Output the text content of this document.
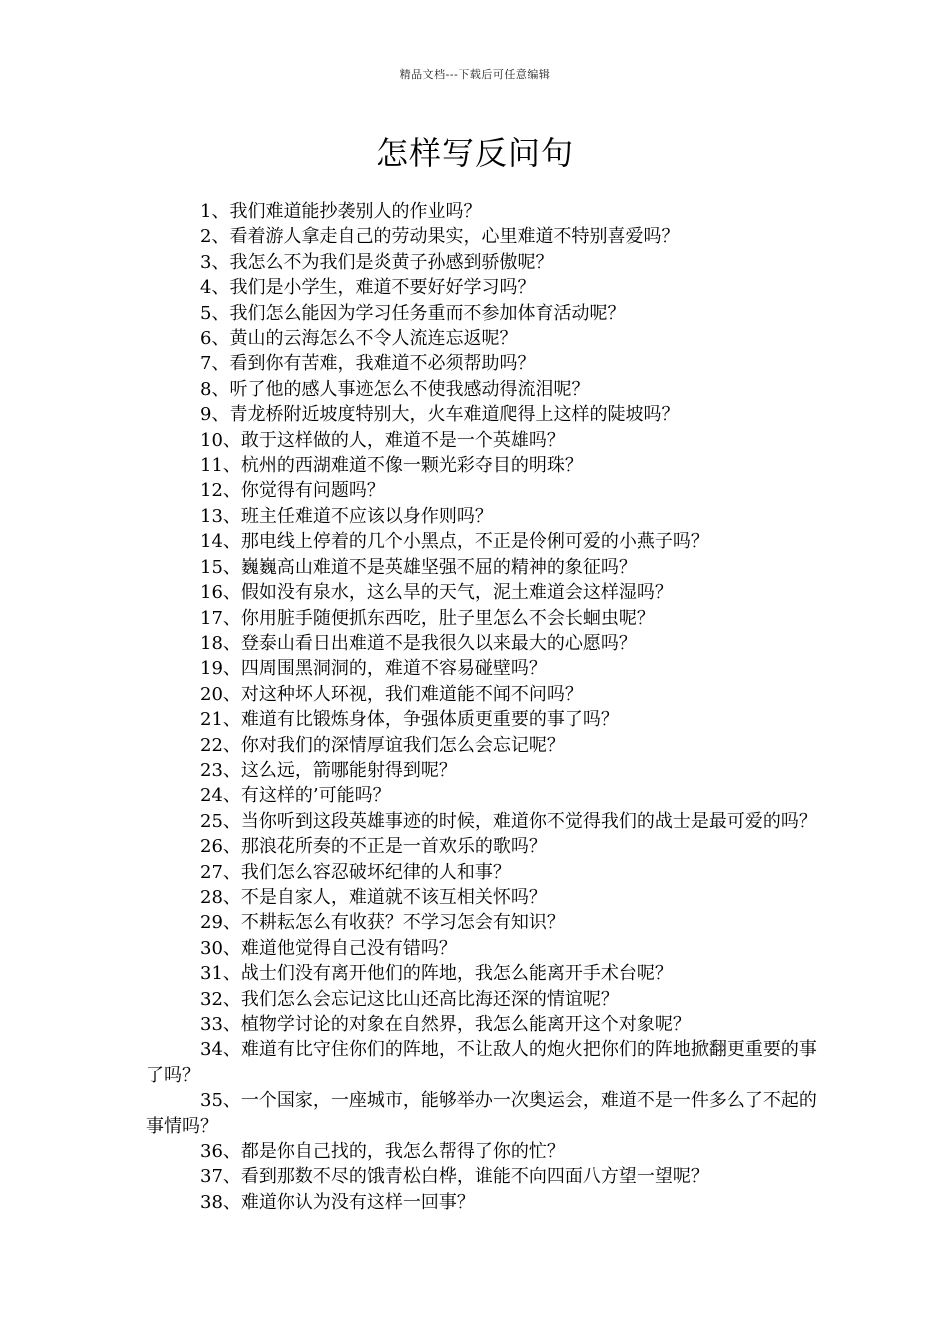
精品文档---下载后可任意编辑
怎样写反问句
1、我们难道能抄袭别人的作业吗？
2、看着游人拿走自己的劳动果实，心里难道不特别喜爱吗？
3、我怎么不为我们是炎黄子孙感到骄傲呢？
4、我们是小学生，难道不要好好学习吗？
5、我们怎么能因为学习任务重而不参加体育活动呢？
6、黄山的云海怎么不令人流连忘返呢？
7、看到你有苦难，我难道不必须帮助吗？
8、听了他的感人事迹怎么不使我感动得流泪呢？
9、青龙桥附近坡度特别大，火车难道爬得上这样的陡坡吗？
10、敢于这样做的人，难道不是一个英雄吗？
11、杭州的西湖难道不像一颗光彩夺目的明珠？
12、你觉得有问题吗？
13、班主任难道不应该以身作则吗？
14、那电线上停着的几个小黑点，不正是伶俐可爱的小燕子吗？
15、巍巍高山难道不是英雄坚强不屈的精神的象征吗？
16、假如没有泉水，这么旱的天气，泥土难道会这样湿吗？
17、你用脏手随便抓东西吃，肚子里怎么不会长蛔虫呢？
18、登泰山看日出难道不是我很久以来最大的心愿吗？
19、四周围黑洞洞的，难道不容易碰壁吗？
20、对这种坏人环视，我们难道能不闻不问吗？
21、难道有比锻炼身体，争强体质更重要的事了吗？
22、你对我们的深情厚谊我们怎么会忘记呢？
23、这么远，箭哪能射得到呢？
24、有这样的’可能吗？
25、当你听到这段英雄事迹的时候，难道你不觉得我们的战士是最可爱的吗？
26、那浪花所奏的不正是一首欢乐的歌吗？
27、我们怎么容忍破坏纪律的人和事？
28、不是自家人，难道就不该互相关怀吗？
29、不耕耘怎么有收获？不学习怎会有知识？
30、难道他觉得自己没有错吗？
31、战士们没有离开他们的阵地，我怎么能离开手术台呢？
32、我们怎么会忘记这比山还高比海还深的情谊呢？
33、植物学讨论的对象在自然界，我怎么能离开这个对象呢？
34、难道有比守住你们的阵地，不让敌人的炮火把你们的阵地掀翻更重要的事了吗？
35、一个国家，一座城市，能够举办一次奥运会，难道不是一件多么了不起的事情吗？
36、都是你自己找的，我怎么帮得了你的忙？
37、看到那数不尽的饿青松白桦，谁能不向四面八方望一望呢？
38、难道你认为没有这样一回事？
